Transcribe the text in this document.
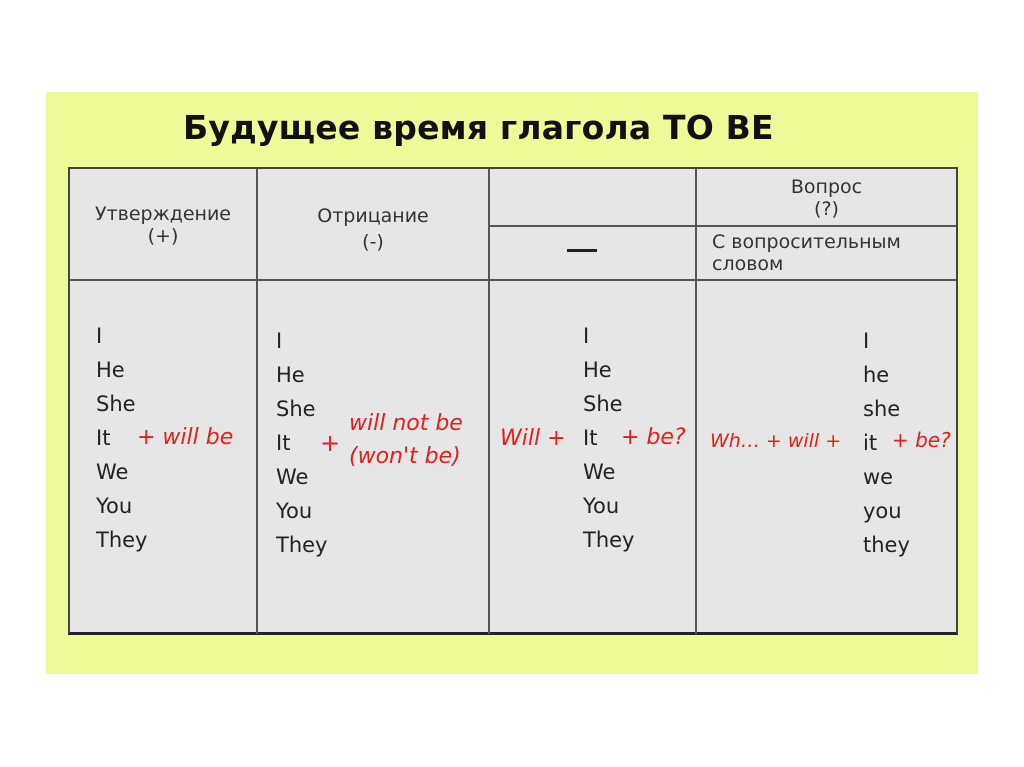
Будущее время глагола ТО ВЕ
Утверждение
(+)
Отрицание
(-)
Вопрос
(?)
С вопросительным
словом
I
He
She
It
We
You
They
+ will be
I
He
She
It
We
You
They
+
will not be
(won't be)
Will +
I
He
She
It
We
You
They
+ be? Wh… + will +
I
he
she
it
we
you
they
+ be?
